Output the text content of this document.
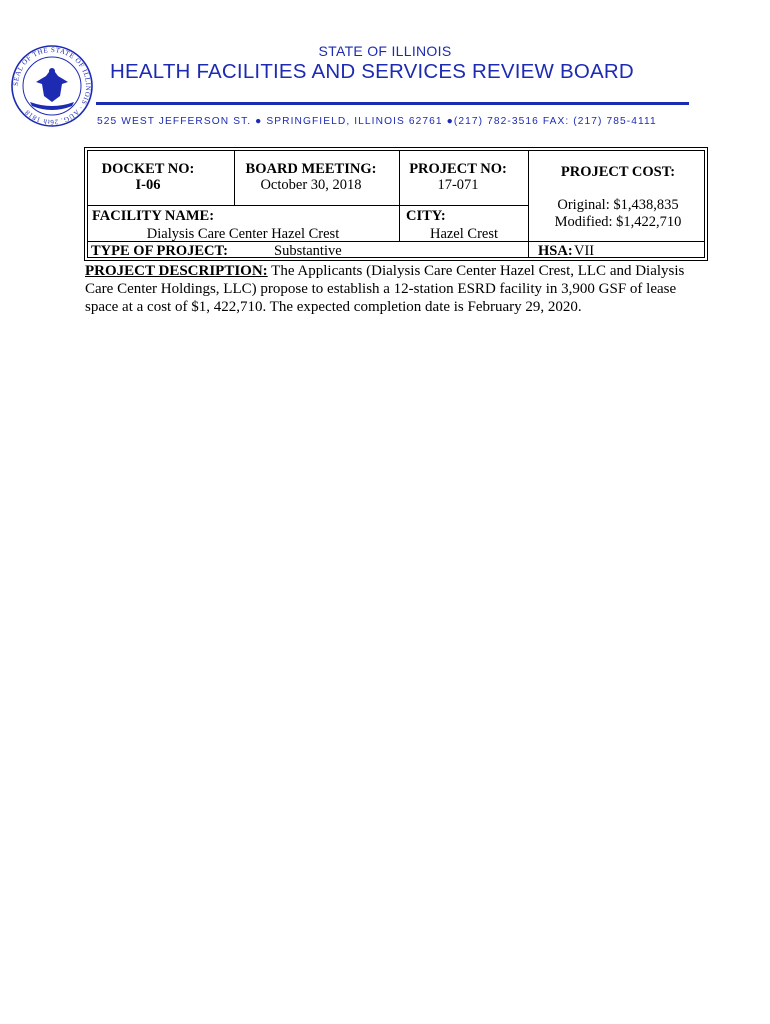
SEAL OF THE STATE OF ILLINOIS · AUG. 26th 1818
STATE OF ILLINOIS
HEALTH FACILITIES AND SERVICES REVIEW BOARD
525 WEST JEFFERSON ST. ● SPRINGFIELD, ILLINOIS 62761 ●(217) 782-3516 FAX: (217) 785-4111
DOCKET NO:
I-06
BOARD MEETING:
October 30, 2018
PROJECT NO:
17-071
PROJECT COST:
Original: $1,438,835
Modified: $1,422,710
FACILITY NAME:
Dialysis Care Center Hazel Crest
CITY:
Hazel Crest
TYPE OF PROJECT:	Substantive	HSA: VII
PROJECT DESCRIPTION: The Applicants (Dialysis Care Center Hazel Crest, LLC and Dialysis Care Center Holdings, LLC) propose to establish a 12-station ESRD facility in 3,900 GSF of lease space at a cost of $1, 422,710. The expected completion date is February 29, 2020.
